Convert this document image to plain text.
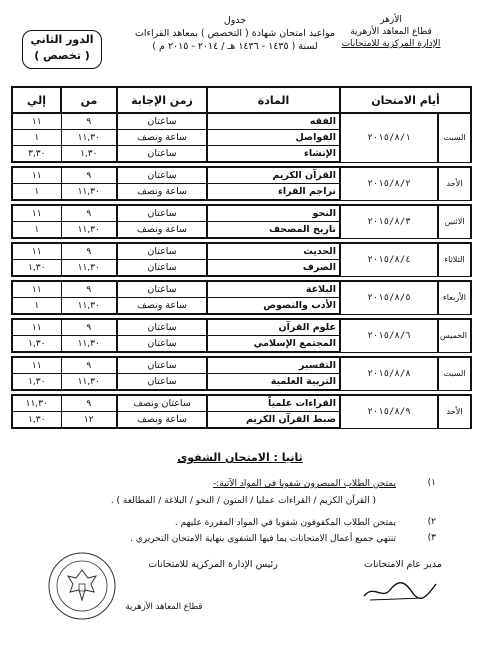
الأزهر
قطاع المعاهد الأزهرية
الإدارة المركزية للامتحانات
جدول
مواعيد امتحان شهادة ( التخصص ) بمعاهد القراءات
لسنة ( ١٤٣٥ - ١٤٣٦ هـ / ٢٠١٤ - ٢٠١٥ م )
الدور الثاني
( تخصص )
أيام الامتحان		المادة	زمن الإجابة	من	إلي
السبت	٢٠١٥/٨/١	الفقه	ساعتان	٩	١١
		الفواصل	ساعة ونصف	١١,٣٠	١
		الإنشاء	ساعتان	١,٣٠	٣,٣٠

الأحد	٢٠١٥/٨/٢	القرآن الكريم	ساعتان	٩	١١
		تراجم القراء	ساعة ونصف	١١,٣٠	١

الاثنين	٢٠١٥/٨/٣	النحو	ساعتان	٩	١١
		تاريخ المصحف	ساعة ونصف	١١,٣٠	١

الثلاثاء	٢٠١٥/٨/٤	الحديث	ساعتان	٩	١١
		الصرف	ساعتان	١١,٣٠	١,٣٠

الأربعاء	٢٠١٥/٨/٥	البلاغة	ساعتان	٩	١١
		الأدب والنصوص	ساعة ونصف	١١,٣٠	١

الخميس	٢٠١٥/٨/٦	علوم القرآن	ساعتان	٩	١١
		المجتمع الإسلامي	ساعتان	١١,٣٠	١,٣٠

السبت	٢٠١٥/٨/٨	التفسير	ساعتان	٩	١١
		التربية العلمية	ساعتان	١١,٣٠	١,٣٠

الأحد	٢٠١٥/٨/٩	القراءات علمياً	ساعتان ونصف	٩	١١,٣٠
		ضبط القرآن الكريم	ساعة ونصف	١٢	١,٣٠
ثانيا : الامتحان الشفوى
١)
يمتحن الطلاب المبصرون شفويا في المواد الآتية:-
( القرآن الكريم / القراءات عمليا / المتون / النحو / البلاغة / المطالعة ) .
٢)
يمتحن الطلاب المكفوفون شفويا في المواد المقررة عليهم .
٣)
تنتهي جميع أعمال الامتحانات بما فيها الشفوي بنهاية الامتحان التحريري .
مدير عام الامتحانات
رئيس الإدارة المركزية للامتحانات
قطاع المعاهد الأزهرية
